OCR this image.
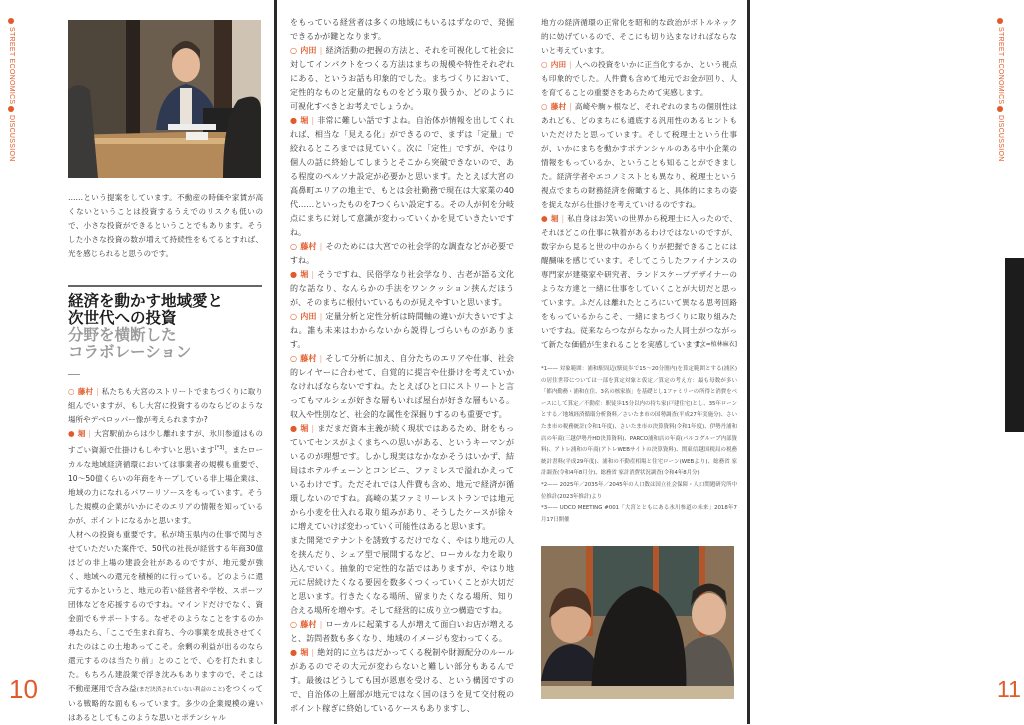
STREET ECONOMICS
DISCUSSION
STREET ECONOMICS
DISCUSSION

……という提案をしています。不動産の時価や家賃が高くないということは投資するうえでのリスクも低いので、小さな投資ができるということでもあります。そうした小さな投資の数が増えて持続性をもてるとすれば、光を感じられると思うのです。

経済を動かす地域愛と
次世代への投資
分野を横断した
コラボレーション

○ 藤村 | 私たちも大宮のストリートでまちづくりに取り組んでいますが、もし大宮に投資するのならどのような場所やデベロッパー像が考えられますか?

● 堀 | 大宮駅前からは少し離れますが、氷川参道はものすごい資源で仕掛けもしやすいと思います[*3]。またローカルな地域経済循環においては事業者の規模も重要で、10〜50億くらいの年商をキープしている非上場企業は、地域の力になれるパワーリソースをもっています。そうした規模の企業がいかにそのエリアの情報を知っているかが、ポイントになるかと思います。

人材への投資も重要です。私が埼玉県内の仕事で関与させていただいた案件で、50代の社長が経営する年商30億ほどの非上場の建設会社があるのですが、地元愛が強く、地域への還元を積極的に行っている。どのように還元するかというと、地元の若い経営者や学校、スポーツ団体などを応援するのですね。マインドだけでなく、資金面でもサポートする。なぜそのようなことをするのか尋ねたら、「ここで生まれ育ち、今の事業を成長させてくれたのはこの土地あってこそ。余剰の利益が出るのなら還元するのは当たり前」とのことで、心を打たれました。もちろん建設業で浮き沈みもありますので、そこは不動産運用で含み益(まだ決済されていない利益のこと)をつくっている戦略的な面ももっています。多少の企業規模の違いはあるとしてもこのような思いとポテンシャル

10

をもっている経営者は多くの地域にもいるはずなので、発掘できるかが鍵となります。

○ 内田 | 経済活動の把握の方法と、それを可視化して社会に対してインパクトをつくる方法はまちの規模や特性それぞれにある、というお話も印象的でした。まちづくりにおいて、定性的なものと定量的なものをどう取り扱うか、どのように可視化すべきとお考えでしょうか。

● 堀 | 非常に難しい話ですよね。自治体が情報を出してくれれば、相当な「見える化」ができるので、まずは「定量」で絞れるところまでは見ていく。次に「定性」ですが、やはり個人の話に終始してしまうとそこから突破できないので、ある程度のペルソナ設定が必要かと思います。たとえば大宮の高鼻町エリアの地主で、もとは会社勤務で現在は大家業の40代……といったものを7つくらい設定する。その人が何を分岐点にまちに対して意識が変わっていくかを見ていきたいですね。

○ 藤村 | そのためには大宮での社会学的な調査などが必要ですね。

● 堀 | そうですね、民俗学なり社会学なり、古老が語る文化的な話なり、なんらかの手法をワンクッション挟んだほうが、そのまちに根付いているものが見えやすいと思います。

○ 内田 | 定量分析と定性分析は時間軸の違いが大きいですよね。誰も未来はわからないから説得しづらいものがあります。

○ 藤村 | そして分析に加え、自分たちのエリアや仕事、社会的レイヤーに合わせて、自覚的に提言や仕掛けを考えていかなければならないですね。たとえばひと口にストリートと言ってもマルシェが好きな層もいれば屋台が好きな層もいる。収入や性別など、社会的な属性を深掘りするのも重要です。

● 堀 | まだまだ資本主義が続く現状ではあるため、財をもっていてセンスがよくまちへの思いがある、というキーマンがいるのが理想です。しかし現実はなかなかそうはいかず、結局はホテルチェーンとコンビニ、ファミレスで溢れかえっているわけです。ただそれでは人件費も含め、地元で経済が循環しないのですね。高崎の某ファミリーレストランでは地元から小麦を仕入れる取り組みがあり、そうしたケースが徐々に増えていけば変わっていく可能性はあると思います。

また開発でテナントを誘致するだけでなく、やはり地元の人を挟んだり、シェア型で展開するなど、ローカルな力を取り込んでいく。抽象的で定性的な話ではありますが、やはり地元に居続けたくなる要因を数多くつくっていくことが大切だと思います。行きたくなる場所、留まりたくなる場所、知り合える場所を増やす。そして経営的に成り立つ構造ですね。

○ 藤村 | ローカルに起業する人が増えて面白いお店が増えると、訪問者数も多くなり、地域のイメージも変わってくる。

● 堀 | 絶対的に立ちはだかってくる税制や財源配分のルールがあるのでその大元が変わらないと難しい部分もあるんです。最後はどうしても国が恩恵を受ける、という構図ですので、自治体の上層部が地元ではなく国のほうを見て交付税のポイント稼ぎに終始しているケースもありますし、

地方の経済循環の正常化を昭和的な政治がボトルネック的に妨げているので、そこにも切り込まなければならないと考えています。

○ 内田 | 人への投資をいかに正当化するか、という視点も印象的でした。人件費も含めて地元でお金が回り、人を育てることの重要さをあらためて実感します。

○ 藤村 | 高崎や駒ヶ根など、それぞれのまちの個別性はあれども、どのまちにも通底する汎用性のあるヒントもいただけたと思っています。そして税理士という仕事が、いかにまちを動かすポテンシャルのある中小企業の情報をもっているか、ということも知ることができました。経済学者やエコノミストとも異なり、税理士という視点でまちの財務経済を俯瞰すると、具体的にまちの姿を捉えながら仕掛けを考えていけるのですね。

● 堀 | 私自身はお笑いの世界から税理士に入ったので、それほどこの仕事に執着があるわけではないのですが、数字から見ると世の中のからくりが把握できることには醍醐味を感じています。そしてこうしたファイナンスの専門家が建築家や研究者、ランドスケープデザイナーのような方達と一緒に仕事をしていくことが大切だと思っています。ふだんは離れたところにいて異なる思考回路をもっているからこそ、一緒にまちづくりに取り組みたいですね。従来ならつながらなかった人同士がつながって新たな価値が生まれることを実感しています。

[文=植林麻衣]

*1—— 対象範囲：浦和駅周辺(駅徒歩で15〜20分圏内)を算定範囲とする(浦区)の居住世帯については一部を算定対象と仮定／算定の考え方：最も母数が多い「都内勤務・浦和在住、3名の核家族」を基礎とし1ファミリーの所得と消費をベースにして算定／不動産：駅徒歩15分以内の持ち家(戸建住宅)とし、35年ローンとする／地域経済循環分析資料／さいたま市の国勢調査(平成27年実施分)、さいたま市の税務統計(令和1年度)、さいたま市の決算資料(令和1年度)、伊勢丹浦和店の年商(三越伊勢丹HD決算資料)、PARCO浦和店の年商(パルコグループ内部資料)、アトレ浦和の年商(アトレWEBサイトの決算資料)、関東信越国税局の税務統計書料(平成29年度)、浦和の不動産相場と住宅ローン(WEBより)、総務省 家計調査(令和4年8月分)、総務省 家計消費状況調査(令和4年8月分)

*2—— 2025年／2035年／2045年の人口数は国立社会保障・人口問題研究所中位推計(2023年推計)より

*3—— UDCO MEETING #001「大宮とともにある氷川参道の未来」2018年7月17日開催

11
